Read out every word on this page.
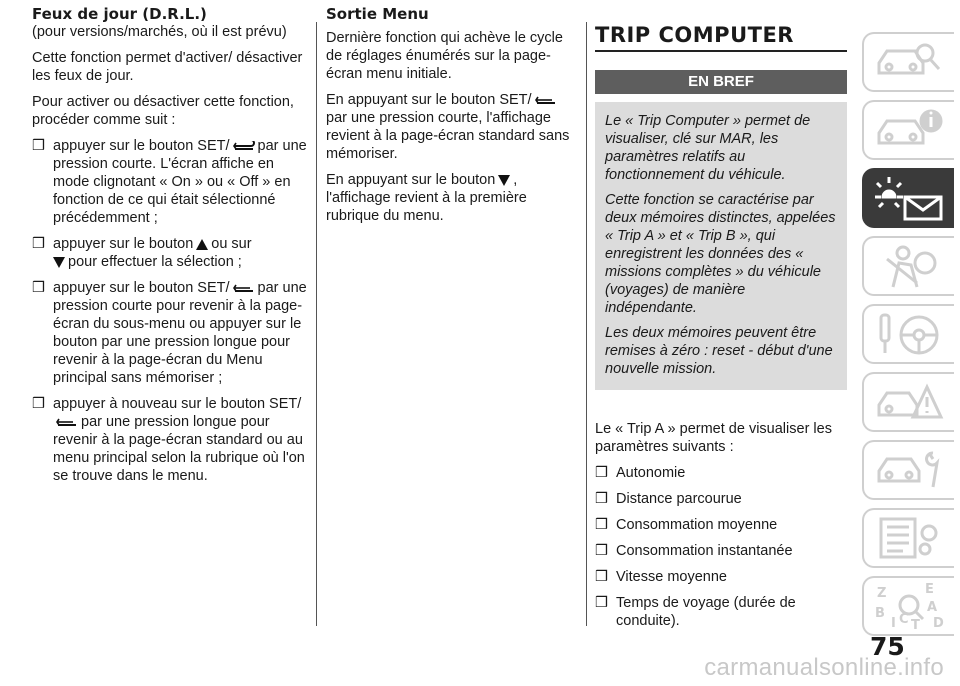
Feux de jour (D.R.L.)
(pour versions/marchés, où il est prévu)

Cette fonction permet d'activer/ désactiver les feux de jour.

Pour activer ou désactiver cette fonction, procéder comme suit :

❒ appuyer sur le bouton SET/ par une pression courte. L'écran affiche en mode clignotant « On » ou « Off » en fonction de ce qui était sélectionné précédemment ;
❒ appuyer sur le bouton ou sur
pour effectuer la sélection ;
❒ appuyer sur le bouton SET/ par une pression courte pour revenir à la page-écran du sous-menu ou appuyer sur le bouton par une pression longue pour revenir à la page-écran du Menu principal sans mémoriser ;
❒ appuyer à nouveau sur le bouton SET/par une pression longue pour revenir à la page-écran standard ou au menu principal selon la rubrique où l'on se trouve dans le menu.
Sortie Menu

Dernière fonction qui achève le cycle de réglages énumérés sur la page-écran menu initiale.

En appuyant sur le bouton SET/par une pression courte, l'affichage revient à la page-écran standard sans mémoriser.

En appuyant sur le bouton , l'affichage revient à la première rubrique du menu.

TRIP COMPUTER
EN BREF

Le « Trip Computer » permet de visualiser, clé sur MAR, les paramètres relatifs au fonctionnement du véhicule.

Cette fonction se caractérise par deux mémoires distinctes, appelées « Trip A » et « Trip B », qui enregistrent les données des « missions complètes » du véhicule (voyages) de manière indépendante.

Les deux mémoires peuvent être remises à zéro : reset - début d'une nouvelle mission.

Le « Trip A » permet de visualiser les paramètres suivants :

❒ Autonomie
❒ Distance parcourue
❒ Consommation moyenne
❒ Consommation instantanée
❒ Vitesse moyenne
❒ Temps de voyage (durée de conduite).
Z	E
A
B
I C T D
75
carmanualsonline.info
